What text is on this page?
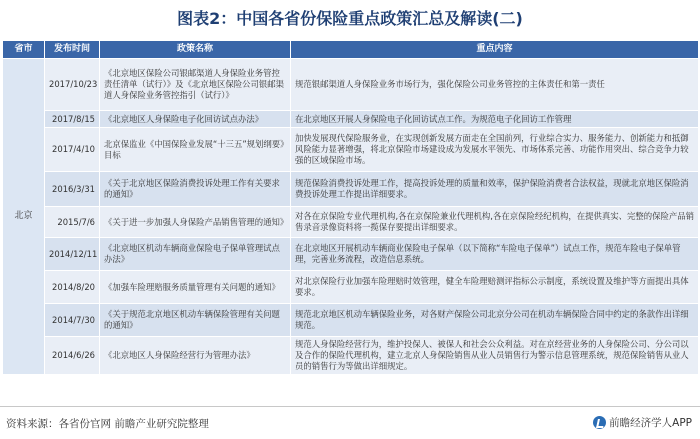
图表2：中国各省份保险重点政策汇总及解读(二)
省市	发布时间	政策名称	重点内容
北京	2017/10/23	《北京地区保险公司银邮渠道人身保险业务管控责任清单（试行）》及《北京地区保险公司银邮渠道人身保险业务管控指引（试行）》	规范银邮渠道人身保险业务市场行为，强化保险公司业务管控的主体责任和第一责任
	2017/8/15	《北京地区人身保险电子化回访试点办法》	在北京地区开展人身保险电子化回访试点工作。为规范电子化回访工作管理
	2017/4/10	北京保监业《中国保险业发展“十三五”规划纲要》目标	加快发展现代保险服务业，在实现创新发展方面走在全国前列，行业综合实力、服务能力、创新能力和抵御风险能力显著增强，将北京保险市场建设成为发展水平领先、市场体系完善、功能作用突出、综合竞争力较强的区域保险市场。
	2016/3/31	《关于北京地区保险消费投诉处理工作有关要求的通知》	规范保险消费投诉处理工作，提高投诉处理的质量和效率，保护保险消费者合法权益，现就北京地区保险消费投诉处理工作提出详细要求。
	2015/7/6	《关于进一步加强人身保险产品销售管理的通知》	对各在京保险专业代理机构,各在京保险兼业代理机构,各在京保险经纪机构，在提供真实、完整的保险产品销售录音录像资料将一揽保存要提出详细要求。
	2014/12/11	《北京地区机动车辆商业保险电子保单管理试点办法》	在北京地区开展机动车辆商业保险电子保单（以下简称“车险电子保单”）试点工作，规范车险电子保单管理，完善业务流程，改造信息系统。
	2014/8/20	《加强车险理赔服务质量管理有关问题的通知》	对北京保险行业加强车险理赔时效管理，健全车险理赔测评指标公示制度，系统设置及维护等方面提出具体要求。
	2014/7/30	《关于规范北京地区机动车辆保险管理有关问题的通知》	规范北京地区机动车辆保险业务，对各财产保险公司北京分公司在机动车辆保险合同中约定的条款作出详细规范。
	2014/6/26	《北京地区人身保险经营行为管理办法》	规范人身保险经营行为，维护投保人、被保人和社会公众利益。对在京经营业务的人身保险公司、分公司以及合作的保险代理机构，建立北京人身保险销售从业人员销售行为警示信息管理系统，规范保险销售从业人员的销售行为等做出详细规定。
资料来源：各省份官网 前瞻产业研究院整理	前瞻经济学人APP
